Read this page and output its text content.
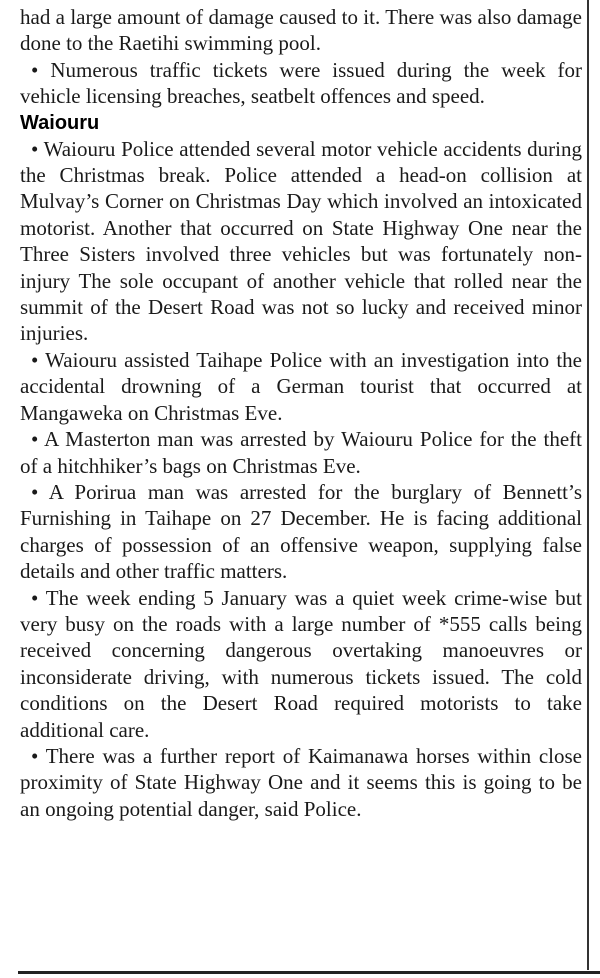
had a large amount of damage caused to it. There was also damage done to the Raetihi swimming pool.

• Numerous traffic tickets were issued during the week for vehicle licensing breaches, seatbelt offences and speed.

Waiouru

• Waiouru Police attended several motor vehicle accidents during the Christmas break. Police attended a head-on collision at Mulvay’s Corner on Christmas Day which involved an intoxicated motorist. Another that occurred on State Highway One near the Three Sisters involved three vehicles but was fortunately non-injury The sole occupant of another vehicle that rolled near the summit of the Desert Road was not so lucky and received minor injuries.

• Waiouru assisted Taihape Police with an investigation into the accidental drowning of a German tourist that occurred at Mangaweka on Christmas Eve.

• A Masterton man was arrested by Waiouru Police for the theft of a hitchhiker’s bags on Christmas Eve.

• A Porirua man was arrested for the burglary of Bennett’s Furnishing in Taihape on 27 December. He is facing additional charges of possession of an offensive weapon, supplying false details and other traffic matters.

• The week ending 5 January was a quiet week crime-wise but very busy on the roads with a large number of *555 calls being received concerning dangerous overtaking manoeuvres or inconsiderate driving, with numerous tickets issued. The cold conditions on the Desert Road required motorists to take additional care.

• There was a further report of Kaimanawa horses within close proximity of State Highway One and it seems this is going to be an ongoing potential danger, said Police.
